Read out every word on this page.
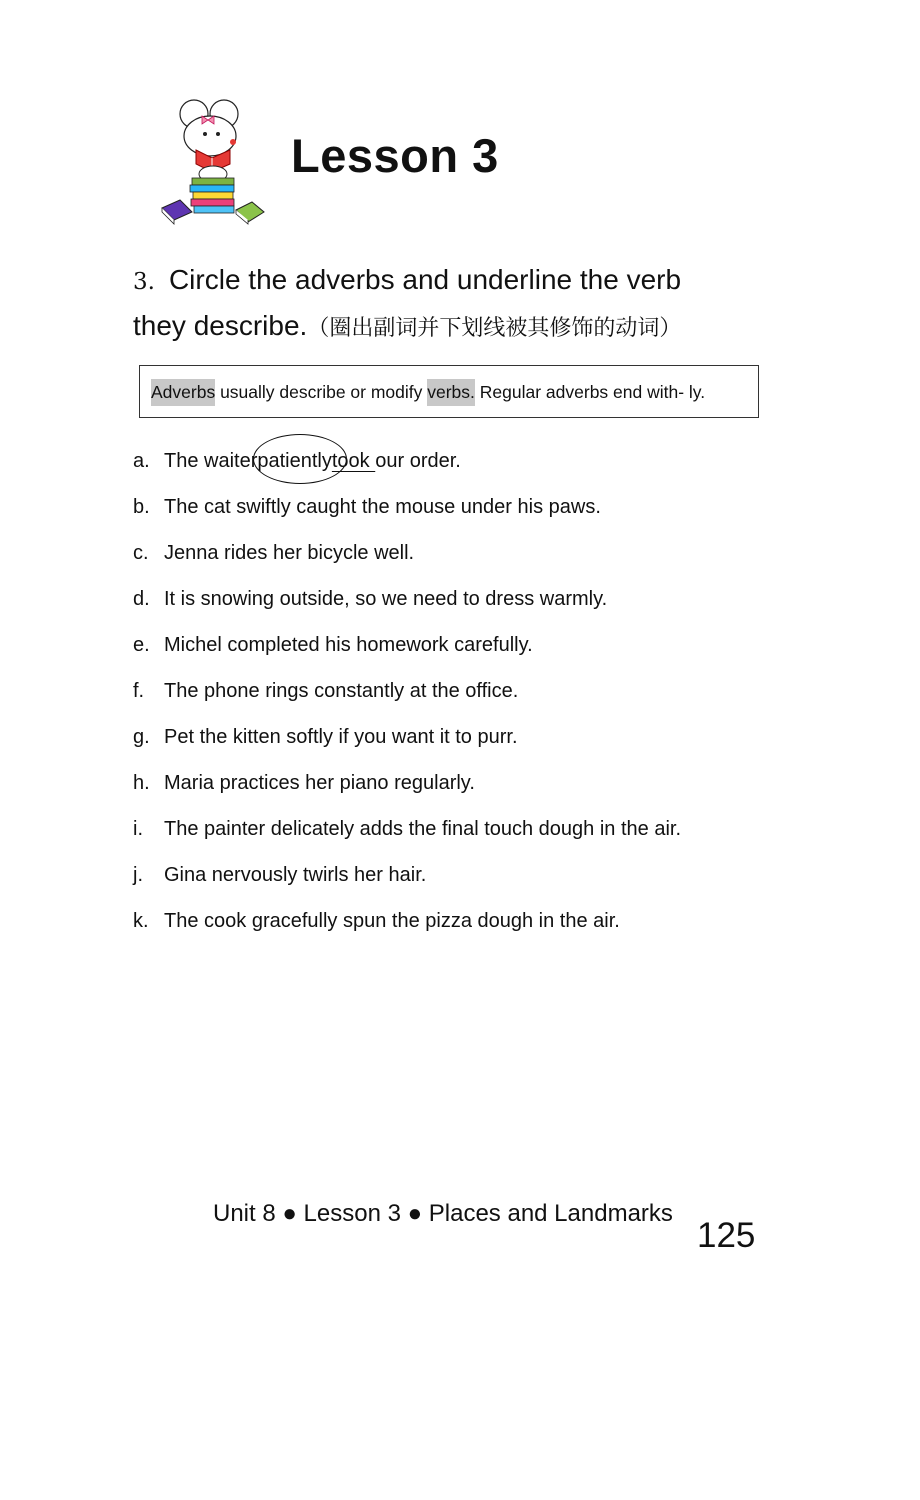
Lesson 3
3. Circle the adverbs and underline the verb
they describe.（圈出副词并下划线被其修饰的动词）
Adverbs usually describe or modify verbs. Regular adverbs end with- ly.
a. The waiter
patientlytook our order.
b. The cat swiftly caught the mouse under his paws.
c. Jenna rides her bicycle well.
d. It is snowing outside, so we need to dress warmly.
e. Michel completed his homework carefully.
f. The phone rings constantly at the office.
g. Pet the kitten softly if you want it to purr.
h. Maria practices her piano regularly.
i. The painter delicately adds the final touch dough in the air.
j. Gina nervously twirls her hair.
k. The cook gracefully spun the pizza dough in the air.
Unit 8 ● Lesson 3 ● Places and Landmarks
125
